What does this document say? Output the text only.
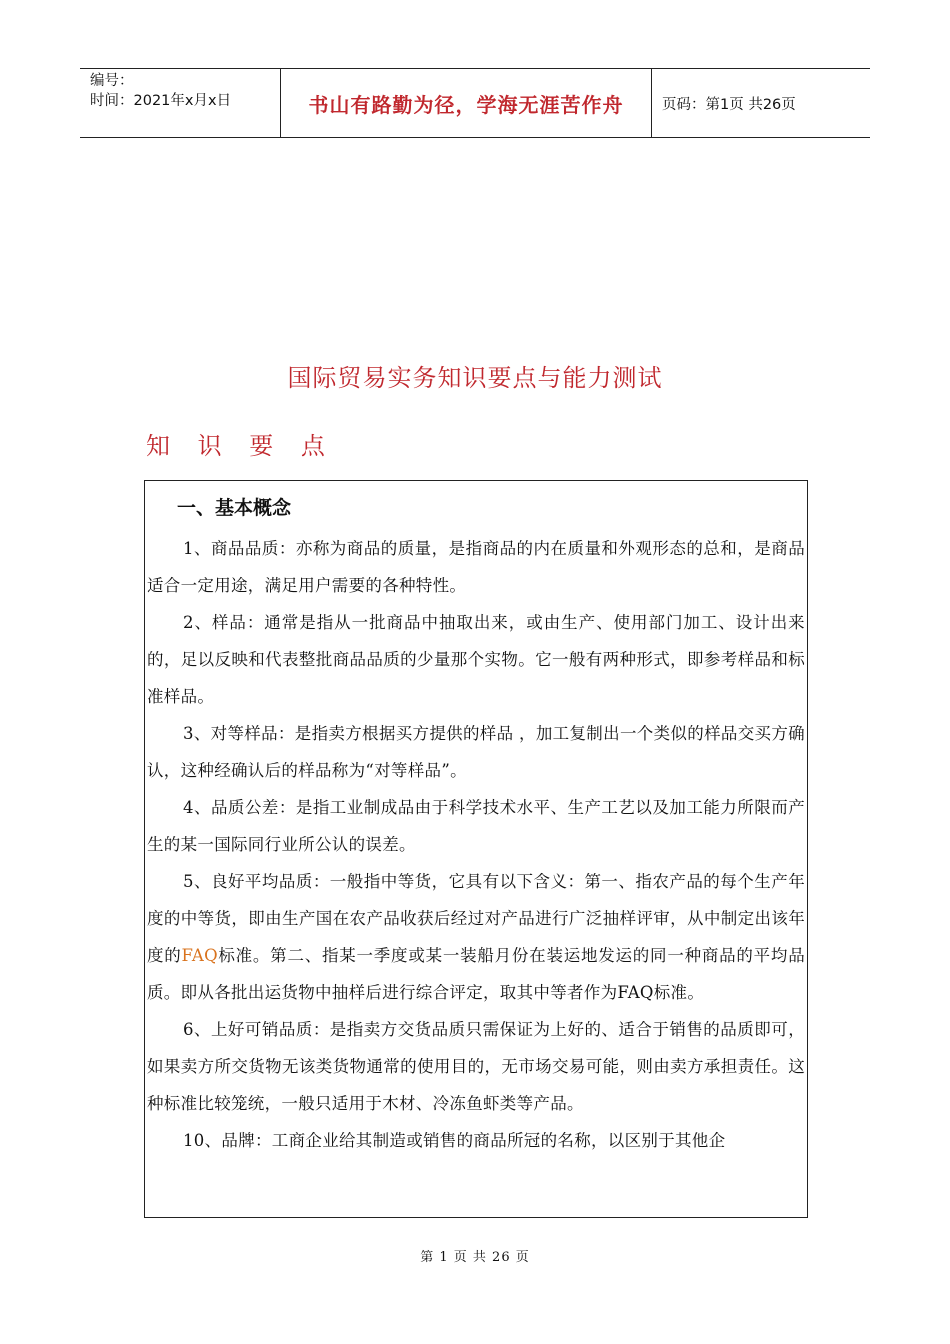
编号：
时间：2021年x月x日	书山有路勤为径，学海无涯苦作舟	页码：第1页 共26页
国际贸易实务知识要点与能力测试
知 识 要 点
一、基本概念

1、商品品质：亦称为商品的质量，是指商品的内在质量和外观形态的总和，是商品适合一定用途，满足用户需要的各种特性。

2、样品：通常是指从一批商品中抽取出来，或由生产、使用部门加工、设计出来的，足以反映和代表整批商品品质的少量那个实物。它一般有两种形式，即参考样品和标准样品。

3、对等样品：是指卖方根据买方提供的样品 ，加工复制出一个类似的样品交买方确认，这种经确认后的样品称为“对等样品”。

4、品质公差：是指工业制成品由于科学技术水平、生产工艺以及加工能力所限而产生的某一国际同行业所公认的误差。

5、良好平均品质：一般指中等货，它具有以下含义：第一、指农产品的每个生产年度的中等货，即由生产国在农产品收获后经过对产品进行广泛抽样评审，从中制定出该年度的FAQ标准。第二、指某一季度或某一装船月份在装运地发运的同一种商品的平均品质。即从各批出运货物中抽样后进行综合评定，取其中等者作为FAQ标准。

6、上好可销品质：是指卖方交货品质只需保证为上好的、适合于销售的品质即可，如果卖方所交货物无该类货物通常的使用目的，无市场交易可能，则由卖方承担责任。这种标准比较笼统，一般只适用于木材、冷冻鱼虾类等产品。

10、品牌：工商企业给其制造或销售的商品所冠的名称，以区别于其他企

第 1 页 共 26 页
